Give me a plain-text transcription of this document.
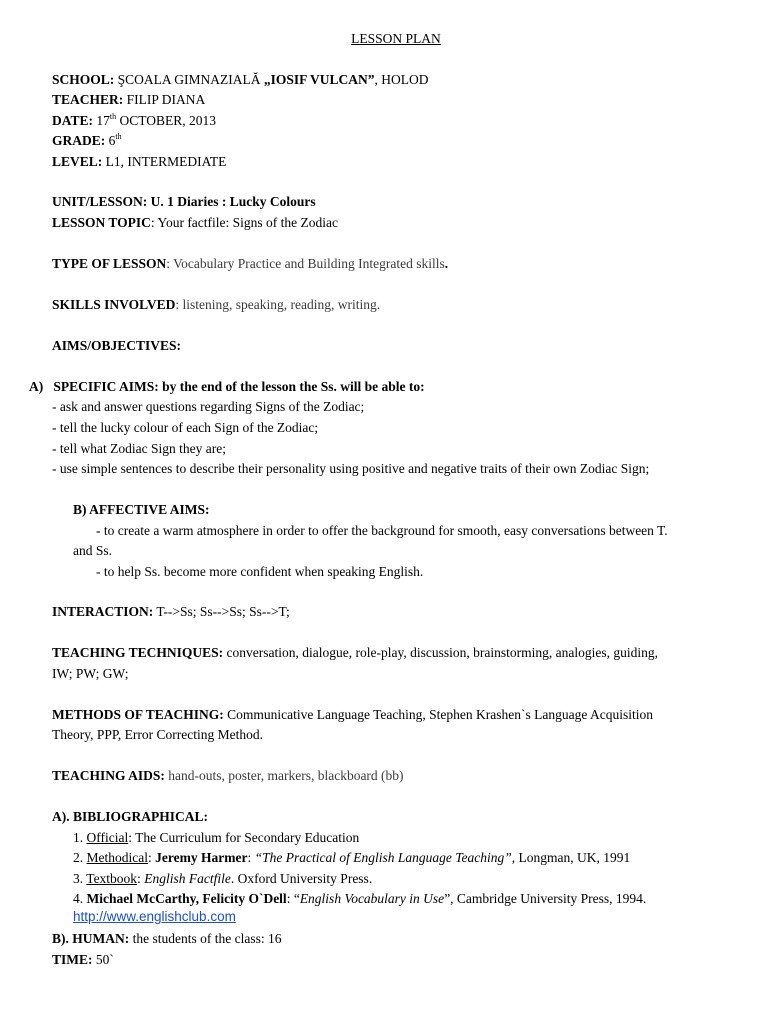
LESSON PLAN
SCHOOL: ŞCOALA GIMNAZIALĂ „IOSIF VULCAN”, HOLOD
TEACHER: FILIP DIANA
DATE: 17th OCTOBER, 2013
GRADE: 6th
LEVEL: L1, INTERMEDIATE
UNIT/LESSON: U. 1 Diaries : Lucky Colours
LESSON TOPIC: Your factfile: Signs of the Zodiac
TYPE OF LESSON: Vocabulary Practice and Building Integrated skills.
SKILLS INVOLVED: listening, speaking, reading, writing.
AIMS/OBJECTIVES:
A) SPECIFIC AIMS: by the end of the lesson the Ss. will be able to:
- ask and answer questions regarding Signs of the Zodiac;
- tell the lucky colour of each Sign of the Zodiac;
- tell what Zodiac Sign they are;
- use simple sentences to describe their personality using positive and negative traits of their own Zodiac Sign;
B) AFFECTIVE AIMS:
- to create a warm atmosphere in order to offer the background for smooth, easy conversations between T.
and Ss.
- to help Ss. become more confident when speaking English.
INTERACTION: T-->Ss; Ss-->Ss; Ss-->T;
TEACHING TECHNIQUES: conversation, dialogue, role-play, discussion, brainstorming, analogies, guiding,
IW; PW; GW;
METHODS OF TEACHING: Communicative Language Teaching, Stephen Krashen`s Language Acquisition
Theory, PPP, Error Correcting Method.
TEACHING AIDS: hand-outs, poster, markers, blackboard (bb)
A). BIBLIOGRAPHICAL:
1. Official: The Curriculum for Secondary Education
2. Methodical: Jeremy Harmer: “The Practical of English Language Teaching”, Longman, UK, 1991
3. Textbook: English Factfile. Oxford University Press.
4. Michael McCarthy, Felicity O`Dell: “English Vocabulary in Use”, Cambridge University Press, 1994.
http://www.englishclub.com
B). HUMAN: the students of the class: 16
TIME: 50`
